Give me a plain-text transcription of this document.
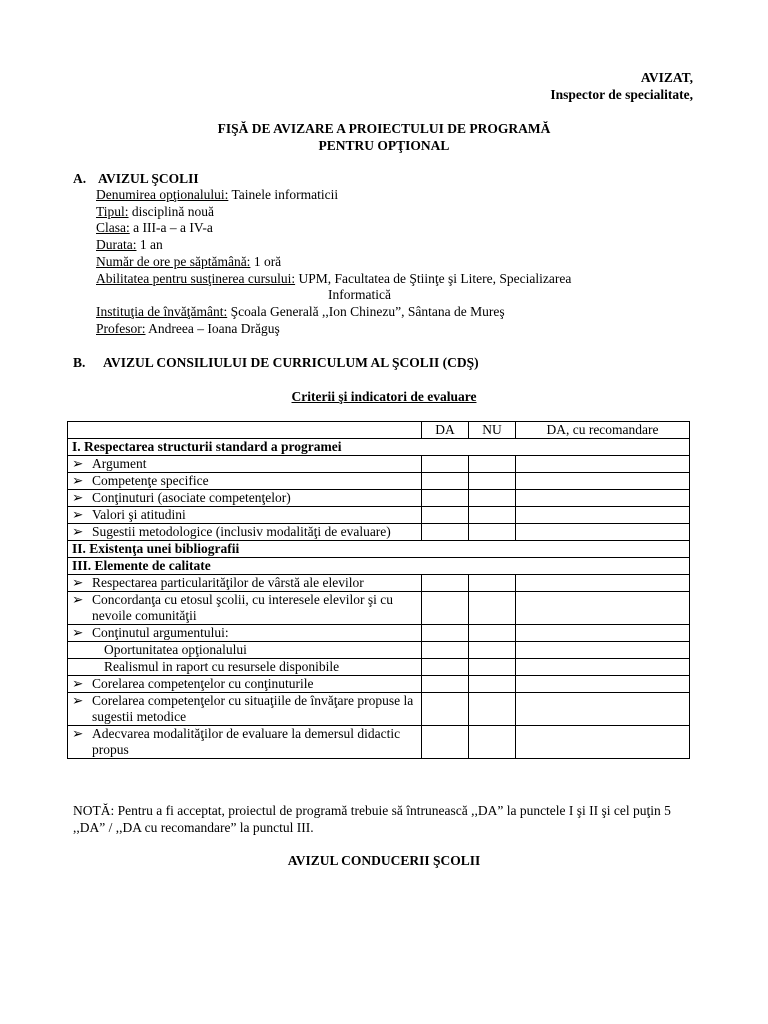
AVIZAT,
Inspector de specialitate,
FIŞĂ DE AVIZARE A PROIECTULUI DE PROGRAMĂ
PENTRU OPŢIONAL
A. AVIZUL ŞCOLII
Denumirea opţionalului: Tainele informaticii
Tipul: disciplină nouă
Clasa: a III-a – a IV-a
Durata: 1 an
Număr de ore pe săptămână: 1 oră
Abilitatea pentru susţinerea cursului: UPM, Facultatea de Ştiinţe şi Litere, Specializarea
Informatică
Instituţia de învăţământ: Şcoala Generală ,,Ion Chinezu”, Sântana de Mureş
Profesor: Andreea – Ioana Drăguş
B. AVIZUL CONSILIULUI DE CURRICULUM AL ŞCOLII (CDŞ)
Criterii şi indicatori de evaluare
	DA	NU	DA, cu recomandare
I. Respectarea structurii standard a programei			

➢ Argument			

➢ Competenţe specifice			

➢ Conţinuturi (asociate competenţelor)			

➢ Valori şi atitudini			

➢ Sugestii metodologice (inclusiv modalităţi de evaluare)			

II. Existenţa unei bibliografii			
III. Elemente de calitate			

➢ Respectarea particularităţilor de vârstă ale elevilor			

➢ Concordanţa cu etosul şcolii, cu interesele elevilor şi cu nevoile comunităţii			

➢ Conţinutul argumentului:			

Oportunitatea opţionalului			
Realismul in raport cu resursele disponibile			

➢ Corelarea competenţelor cu conţinuturile			

➢ Corelarea competenţelor cu situaţiile de învăţare propuse la sugestii metodice			

➢ Adecvarea modalităţilor de evaluare la demersul didactic propus			

NOTĂ: Pentru a fi acceptat, proiectul de programă trebuie să întrunească ,,DA” la punctele I şi II şi cel puţin 5 ,,DA” / ,,DA cu recomandare” la punctul III.
AVIZUL CONDUCERII ŞCOLII
